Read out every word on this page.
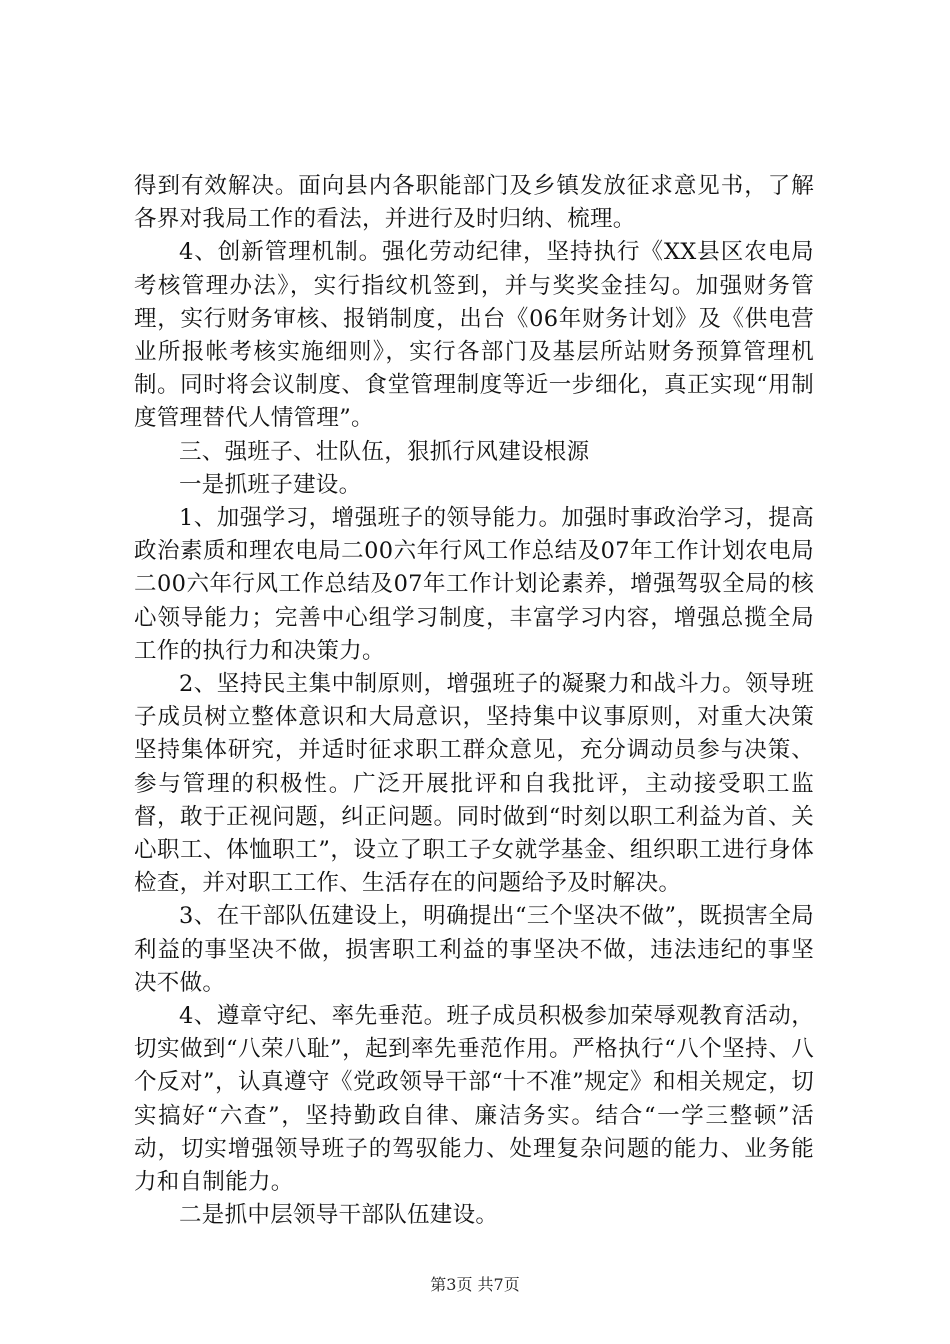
得到有效解决。面向县内各职能部门及乡镇发放征求意见书，了解各界对我局工作的看法，并进行及时归纳、梳理。

4、创新管理机制。强化劳动纪律，坚持执行《XX县区农电局考核管理办法》，实行指纹机签到，并与奖奖金挂勾。加强财务管理，实行财务审核、报销制度，出台《06年财务计划》及《供电营业所报帐考核实施细则》，实行各部门及基层所站财务预算管理机制。同时将会议制度、食堂管理制度等近一步细化，真正实现“用制度管理替代人情管理”。

三、强班子、壮队伍，狠抓行风建设根源

一是抓班子建设。

1、加强学习，增强班子的领导能力。加强时事政治学习，提高政治素质和理农电局二00六年行风工作总结及07年工作计划农电局二00六年行风工作总结及07年工作计划论素养，增强驾驭全局的核心领导能力；完善中心组学习制度，丰富学习内容，增强总揽全局工作的执行力和决策力。

2、坚持民主集中制原则，增强班子的凝聚力和战斗力。领导班子成员树立整体意识和大局意识，坚持集中议事原则，对重大决策坚持集体研究，并适时征求职工群众意见，充分调动员参与决策、参与管理的积极性。广泛开展批评和自我批评，主动接受职工监督，敢于正视问题，纠正问题。同时做到“时刻以职工利益为首、关心职工、体恤职工”，设立了职工子女就学基金、组织职工进行身体检查，并对职工工作、生活存在的问题给予及时解决。

3、在干部队伍建设上，明确提出“三个坚决不做”，既损害全局利益的事坚决不做，损害职工利益的事坚决不做，违法违纪的事坚决不做。

4、遵章守纪、率先垂范。班子成员积极参加荣辱观教育活动，切实做到“八荣八耻”，起到率先垂范作用。严格执行“八个坚持、八个反对”，认真遵守《党政领导干部“十不准”规定》和相关规定，切实搞好“六查”，坚持勤政自律、廉洁务实。结合“一学三整顿”活动，切实增强领导班子的驾驭能力、处理复杂问题的能力、业务能力和自制能力。

二是抓中层领导干部队伍建设。

第3页 共7页
